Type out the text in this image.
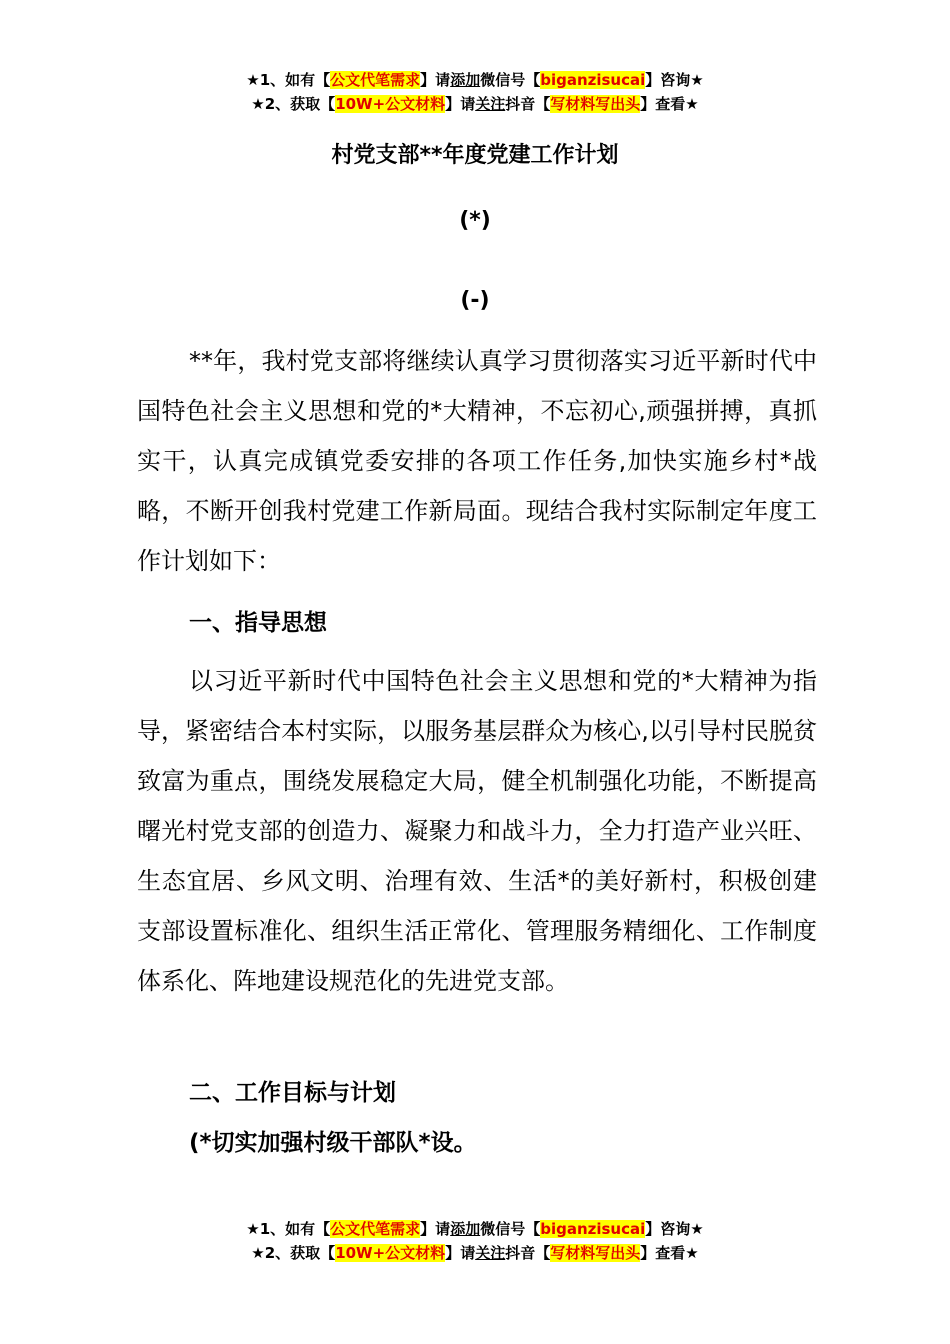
★1、如有【公文代笔需求】请添加微信号【biganzisucai】咨询★
★2、获取【10W+公文材料】请关注抖音【写材料写出头】查看★
村党支部**年度党建工作计划
(*)
(-)
**年，我村党支部将继续认真学习贯彻落实习近平新时代中国特色社会主义思想和党的*大精神，不忘初心,顽强拼搏，真抓实干，认真完成镇党委安排的各项工作任务,加快实施乡村*战略，不断开创我村党建工作新局面。现结合我村实际制定年度工作计划如下：
一、指导思想
以习近平新时代中国特色社会主义思想和党的*大精神为指导，紧密结合本村实际，以服务基层群众为核心,以引导村民脱贫致富为重点，围绕发展稳定大局，健全机制强化功能，不断提高曙光村党支部的创造力、凝聚力和战斗力，全力打造产业兴旺、生态宜居、乡风文明、治理有效、生活*的美好新村，积极创建支部设置标准化、组织生活正常化、管理服务精细化、工作制度体系化、阵地建设规范化的先进党支部。
二、工作目标与计划
(*切实加强村级干部队*设。
★1、如有【公文代笔需求】请添加微信号【biganzisucai】咨询★
★2、获取【10W+公文材料】请关注抖音【写材料写出头】查看★
